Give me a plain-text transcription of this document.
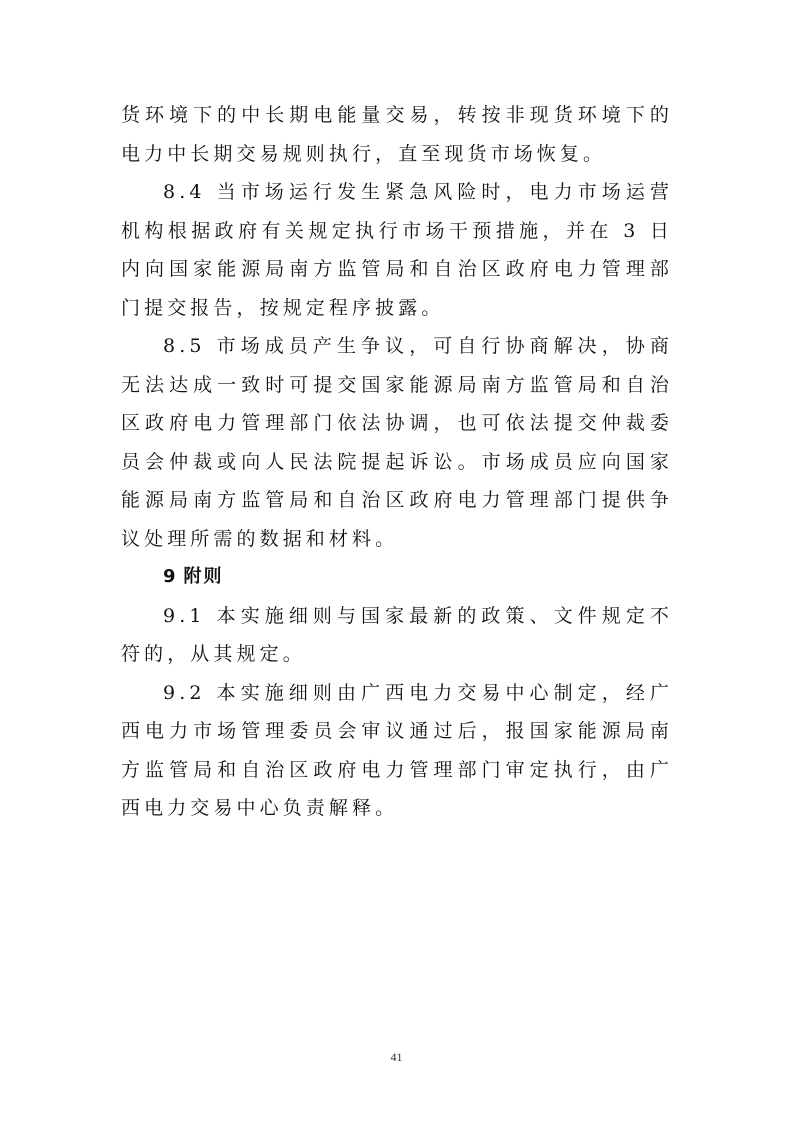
货环境下的中长期电能量交易，转按非现货环境下的电力中长期交易规则执行，直至现货市场恢复。

8.4 当市场运行发生紧急风险时，电力市场运营机构根据政府有关规定执行市场干预措施，并在 3 日内向国家能源局南方监管局和自治区政府电力管理部门提交报告，按规定程序披露。

8.5 市场成员产生争议，可自行协商解决，协商无法达成一致时可提交国家能源局南方监管局和自治区政府电力管理部门依法协调，也可依法提交仲裁委员会仲裁或向人民法院提起诉讼。市场成员应向国家能源局南方监管局和自治区政府电力管理部门提供争议处理所需的数据和材料。

9 附则

9.1 本实施细则与国家最新的政策、文件规定不符的，从其规定。

9.2 本实施细则由广西电力交易中心制定，经广西电力市场管理委员会审议通过后，报国家能源局南方监管局和自治区政府电力管理部门审定执行，由广西电力交易中心负责解释。

41
